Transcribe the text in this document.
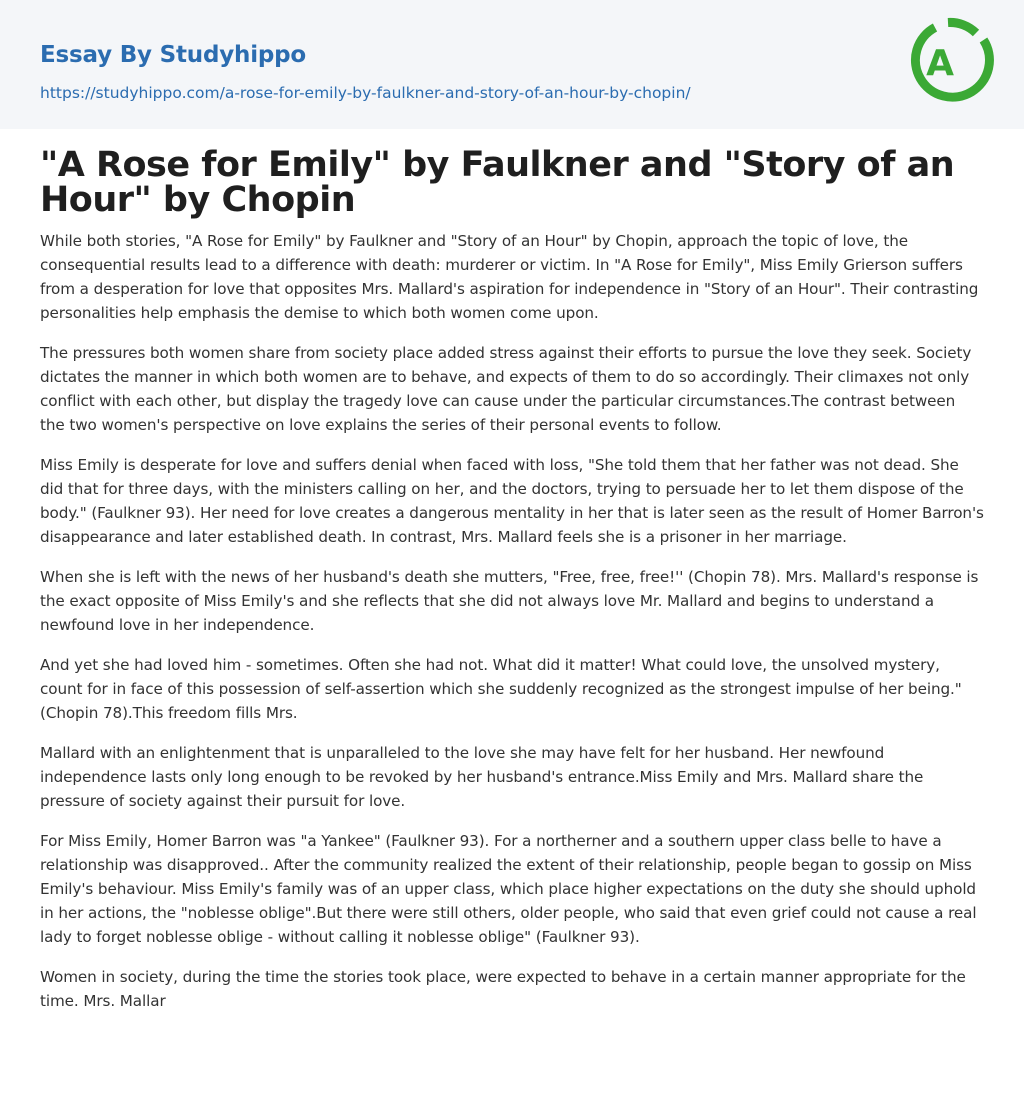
Essay By Studyhippo
https://studyhippo.com/a-rose-for-emily-by-faulkner-and-story-of-an-hour-by-chopin/
A
"A Rose for Emily" by Faulkner and "Story of an Hour" by Chopin

While both stories, "A Rose for Emily" by Faulkner and "Story of an Hour" by Chopin, approach the topic of love, the consequential results lead to a difference with death: murderer or victim. In "A Rose for Emily", Miss Emily Grierson suffers from a desperation for love that opposites Mrs. Mallard's aspiration for independence in "Story of an Hour". Their contrasting personalities help emphasis the demise to which both women come upon.

The pressures both women share from society place added stress against their efforts to pursue the love they seek. Society dictates the manner in which both women are to behave, and expects of them to do so accordingly. Their climaxes not only conflict with each other, but display the tragedy love can cause under the particular circumstances.The contrast between the two women's perspective on love explains the series of their personal events to follow.

Miss Emily is desperate for love and suffers denial when faced with loss, "She told them that her father was not dead. She did that for three days, with the ministers calling on her, and the doctors, trying to persuade her to let them dispose of the body." (Faulkner 93). Her need for love creates a dangerous mentality in her that is later seen as the result of Homer Barron's disappearance and later established death. In contrast, Mrs. Mallard feels she is a prisoner in her marriage.

When she is left with the news of her husband's death she mutters, "Free, free, free!'' (Chopin 78). Mrs. Mallard's response is the exact opposite of Miss Emily's and she reflects that she did not always love Mr. Mallard and begins to understand a newfound love in her independence.

And yet she had loved him - sometimes. Often she had not. What did it matter! What could love, the unsolved mystery, count for in face of this possession of self-assertion which she suddenly recognized as the strongest impulse of her being." (Chopin 78).This freedom fills Mrs.

Mallard with an enlightenment that is unparalleled to the love she may have felt for her husband. Her newfound independence lasts only long enough to be revoked by her husband's entrance.Miss Emily and Mrs. Mallard share the pressure of society against their pursuit for love.

For Miss Emily, Homer Barron was "a Yankee" (Faulkner 93). For a northerner and a southern upper class belle to have a relationship was disapproved.. After the community realized the extent of their relationship, people began to gossip on Miss Emily's behaviour. Miss Emily's family was of an upper class, which place higher expectations on the duty she should uphold in her actions, the "noblesse oblige".But there were still others, older people, who said that even grief could not cause a real lady to forget noblesse oblige - without calling it noblesse oblige" (Faulkner 93).

Women in society, during the time the stories took place, were expected to behave in a certain manner appropriate for the time. Mrs. Mallar
